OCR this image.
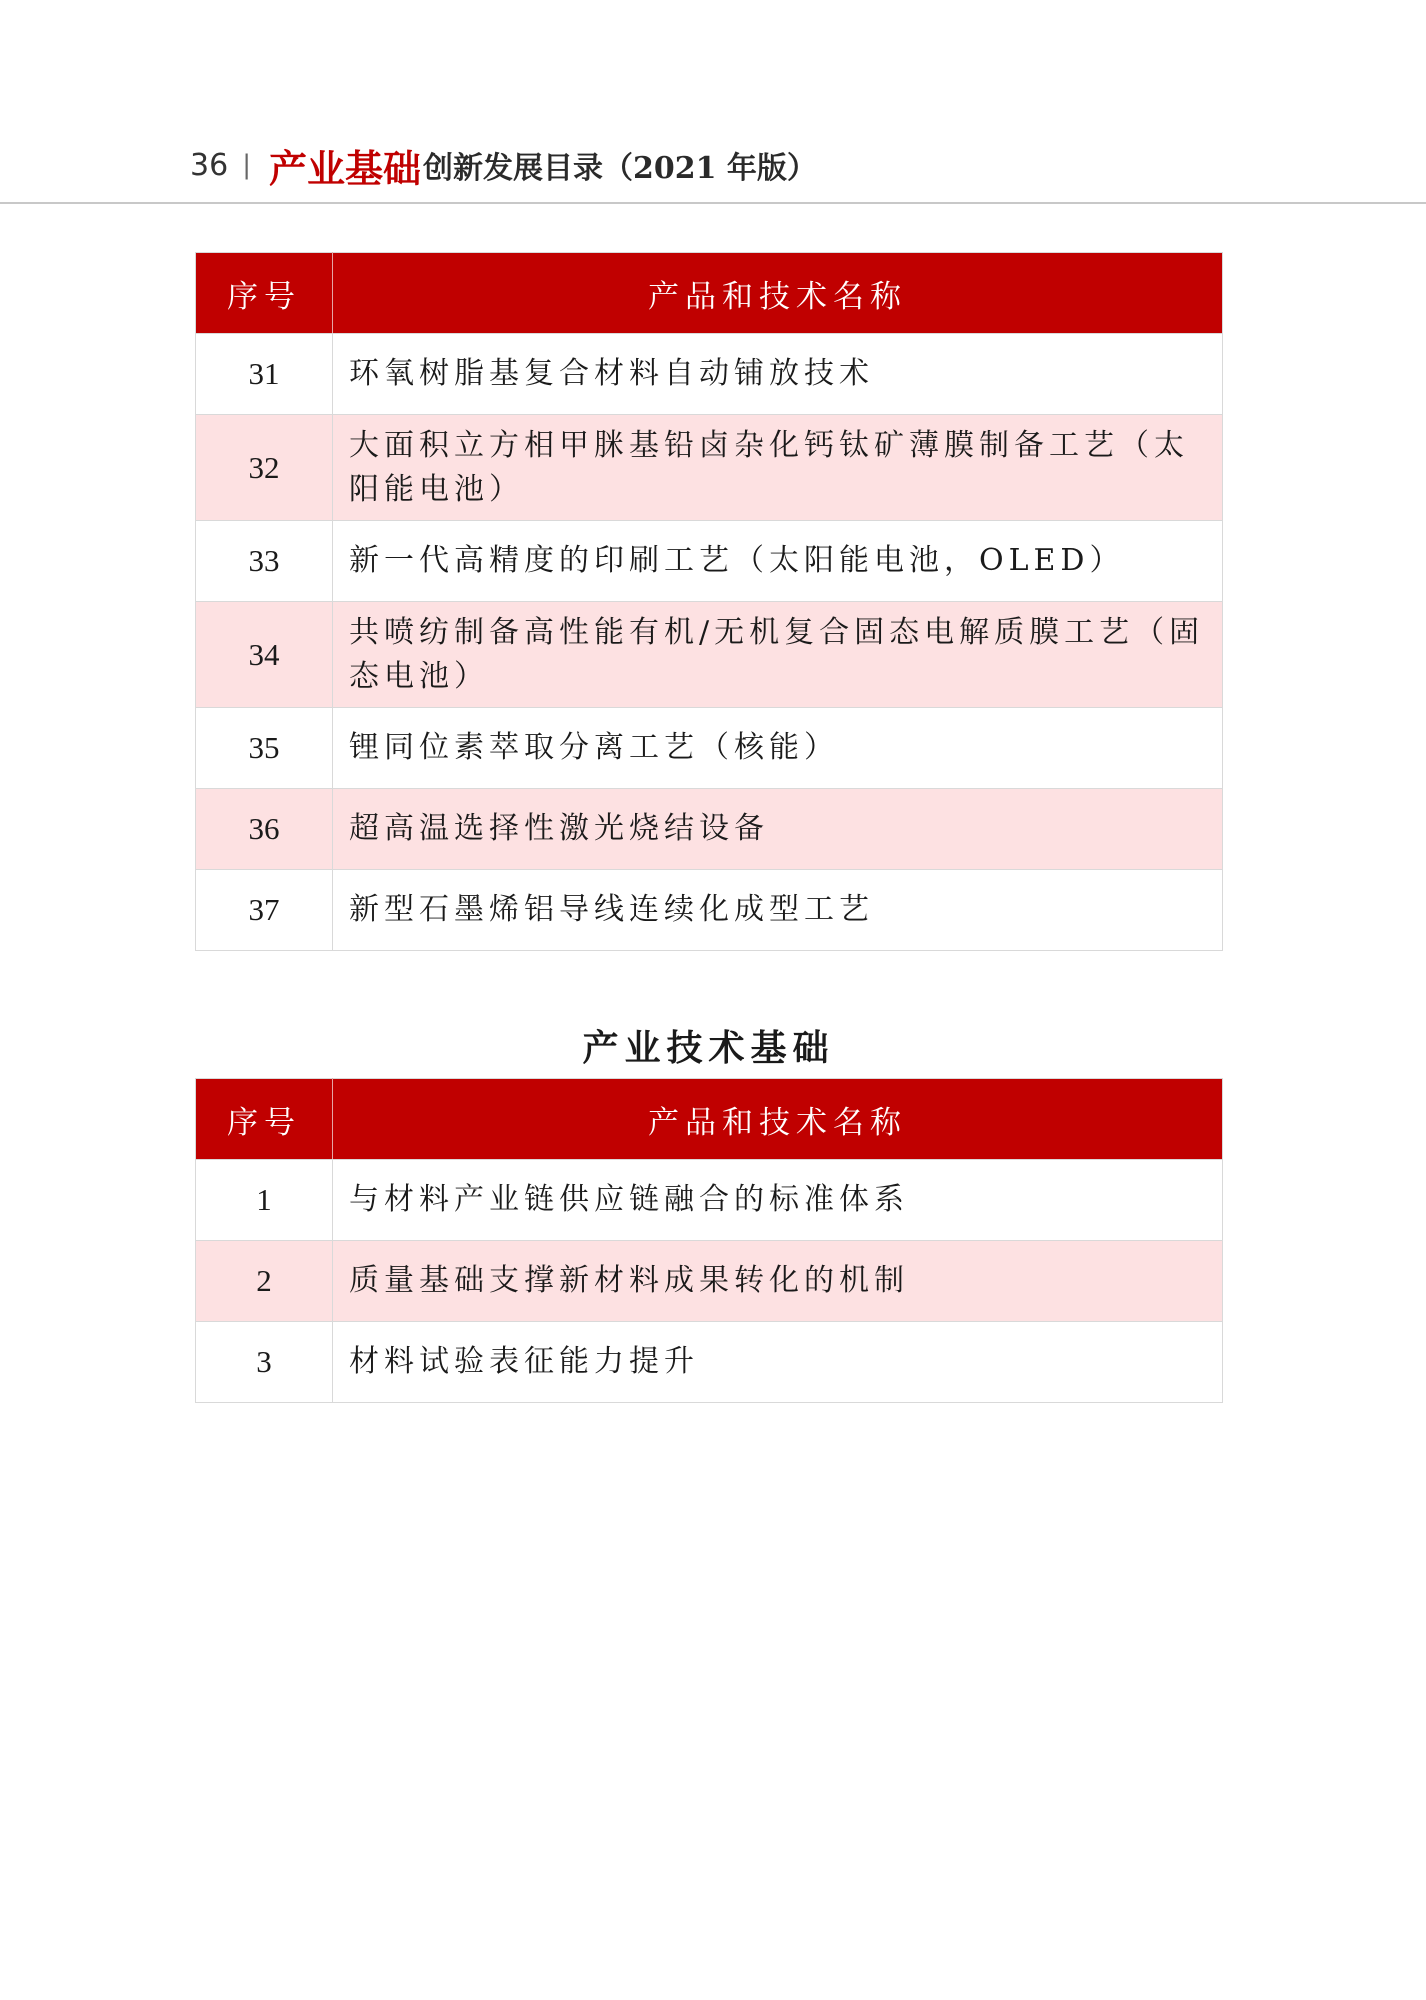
36 | 产业基础 创新发展目录（2021 年版）
序号	产品和技术名称
31	环氧树脂基复合材料自动铺放技术
32	大面积立方相甲脒基铅卤杂化钙钛矿薄膜制备工艺（太阳能电池）
33	新一代高精度的印刷工艺（太阳能电池，OLED）
34	共喷纺制备高性能有机/无机复合固态电解质膜工艺（固态电池）
35	锂同位素萃取分离工艺（核能）
36	超高温选择性激光烧结设备
37	新型石墨烯铝导线连续化成型工艺
产业技术基础
序号	产品和技术名称
1	与材料产业链供应链融合的标准体系
2	质量基础支撑新材料成果转化的机制
3	材料试验表征能力提升
